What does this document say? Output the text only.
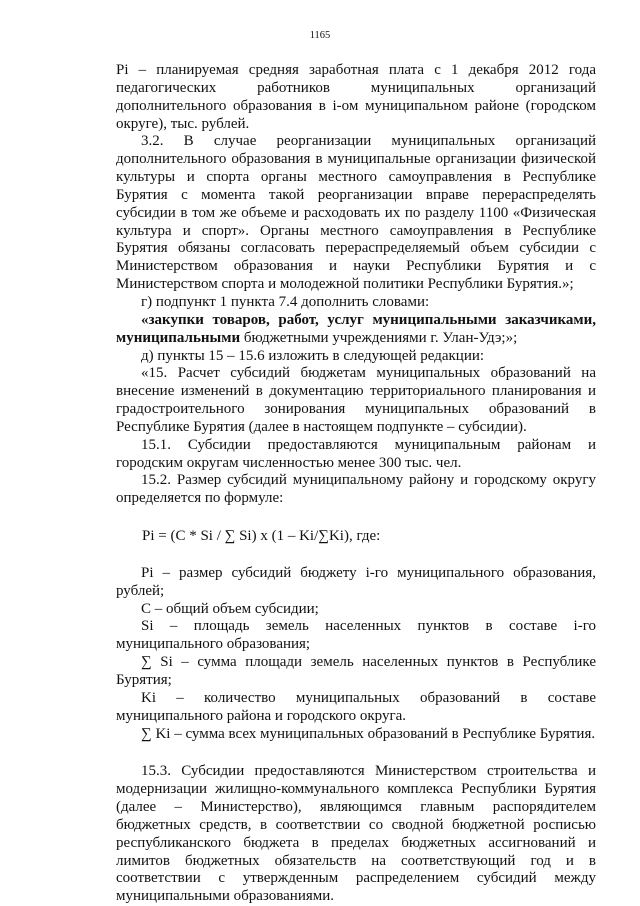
1165

Pi – планируемая средняя заработная плата с 1 декабря 2012 года педагогических работников муниципальных организаций дополнительного образования в i-ом муниципальном районе (городском округе), тыс. рублей.

3.2. В случае реорганизации муниципальных организаций дополнительного образования в муниципальные организации физической культуры и спорта органы местного самоуправления в Республике Бурятия с момента такой реорганизации вправе перераспределять субсидии в том же объеме и расходовать их по разделу 1100 «Физическая культура и спорт». Органы местного самоуправления в Республике Бурятия обязаны согласовать перераспределяемый объем субсидии с Министерством образования и науки Республики Бурятия и с Министерством спорта и молодежной политики Республики Бурятия.»;

г) подпункт 1 пункта 7.4 дополнить словами:

«закупки товаров, работ, услуг муниципальными заказчиками, муниципальными бюджетными учреждениями г. Улан-Удэ;»;

д) пункты 15 – 15.6 изложить в следующей редакции:

«15. Расчет субсидий бюджетам муниципальных образований на внесение изменений в документацию территориального планирования и градостроительного зонирования муниципальных образований в Республике Бурятия (далее в настоящем подпункте – субсидии).

15.1. Субсидии предоставляются муниципальным районам и городским округам численностью менее 300 тыс. чел.

15.2. Размер субсидий муниципальному району и городскому округу определяется по формуле:

Pi = (C * Si / ∑ Si) x (1 – Ki/∑Ki), где:

Pi – размер субсидий бюджету i-го муниципального образования, рублей;

C – общий объем субсидии;

Si – площадь земель населенных пунктов в составе i-го муниципального образования;

∑ Si – сумма площади земель населенных пунктов в Республике Бурятия;

Ki – количество муниципальных образований в составе муниципального района и городского округа.

∑ Ki – сумма всех муниципальных образований в Республике Бурятия.

15.3. Субсидии предоставляются Министерством строительства и модернизации жилищно-коммунального комплекса Республики Бурятия (далее – Министерство), являющимся главным распорядителем бюджетных средств, в соответствии со сводной бюджетной росписью республиканского бюджета в пределах бюджетных ассигнований и лимитов бюджетных обязательств на соответствующий год и в соответствии с утвержденным распределением субсидий между муниципальными образованиями.
